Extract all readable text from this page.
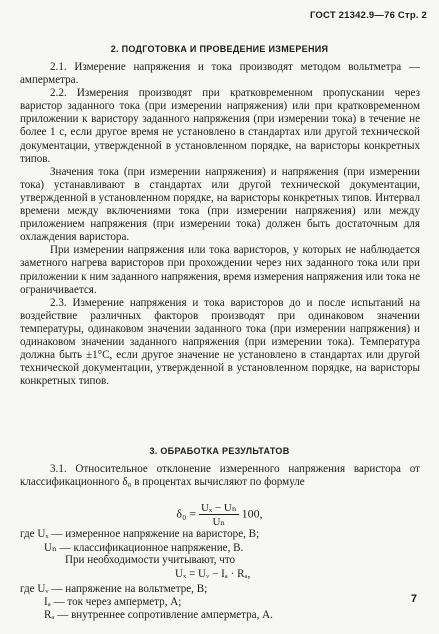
ГОСТ 21342.9—76 Стр. 2
2. ПОДГОТОВКА И ПРОВЕДЕНИЕ ИЗМЕРЕНИЯ

2.1. Измерение напряжения и тока производят методом вольтметра — амперметра.

2.2. Измерения производят при кратковременном пропускании через варистор заданного тока (при измерении напряжения) или при кратковременном приложении к варистору заданного напряжения (при измерении тока) в течение не более 1 с, если другое время не установлено в стандартах или другой технической документации, утвержденной в установленном порядке, на варисторы конкретных типов.

Значения тока (при измерении напряжения) и напряжения (при измерении тока) устанавливают в стандартах или другой технической документации, утвержденной в установленном порядке, на варисторы конкретных типов. Интервал времени между включениями тока (при измерении напряжения) или между приложением напряжения (при измерении тока) должен быть достаточным для охлаждения варистора.

При измерении напряжения или тока варисторов, у которых не наблюдается заметного нагрева варисторов при прохождении через них заданного тока или при приложении к ним заданного напряжения, время измерения напряжения или тока не ограничивается.

2.3. Измерение напряжения и тока варисторов до и после испытаний на воздействие различных факторов производят при одинаковом значении температуры, одинаковом значении заданного тока (при измерении напряжения) и одинаковом значении заданного напряжения (при измерении тока). Температура должна быть ±1°С, если другое значение не установлено в стандартах или другой технической документации, утвержденной в установленном порядке, на варисторы конкретных типов.

3. ОБРАБОТКА РЕЗУЛЬТАТОВ

3.1. Относительное отклонение измеренного напряжения варистора от классификационного δ₀ в процентах вычисляют по формуле

$\delta_0 = \frac{\text{Uₓ − Uₙ}}{\text{Uₙ}} 100$,
где Uₓ — измеренное напряжение на варисторе, В;
Uₙ — классификационное напряжение, В.
При необходимости учитывают, что
Uₓ = Uᵥ − Iₐ · Rₐ,
где Uᵥ — напряжение на вольтметре, В;
Iₐ — ток через амперметр, А;
Rₐ — внутреннее сопротивление амперметра, А.
7
